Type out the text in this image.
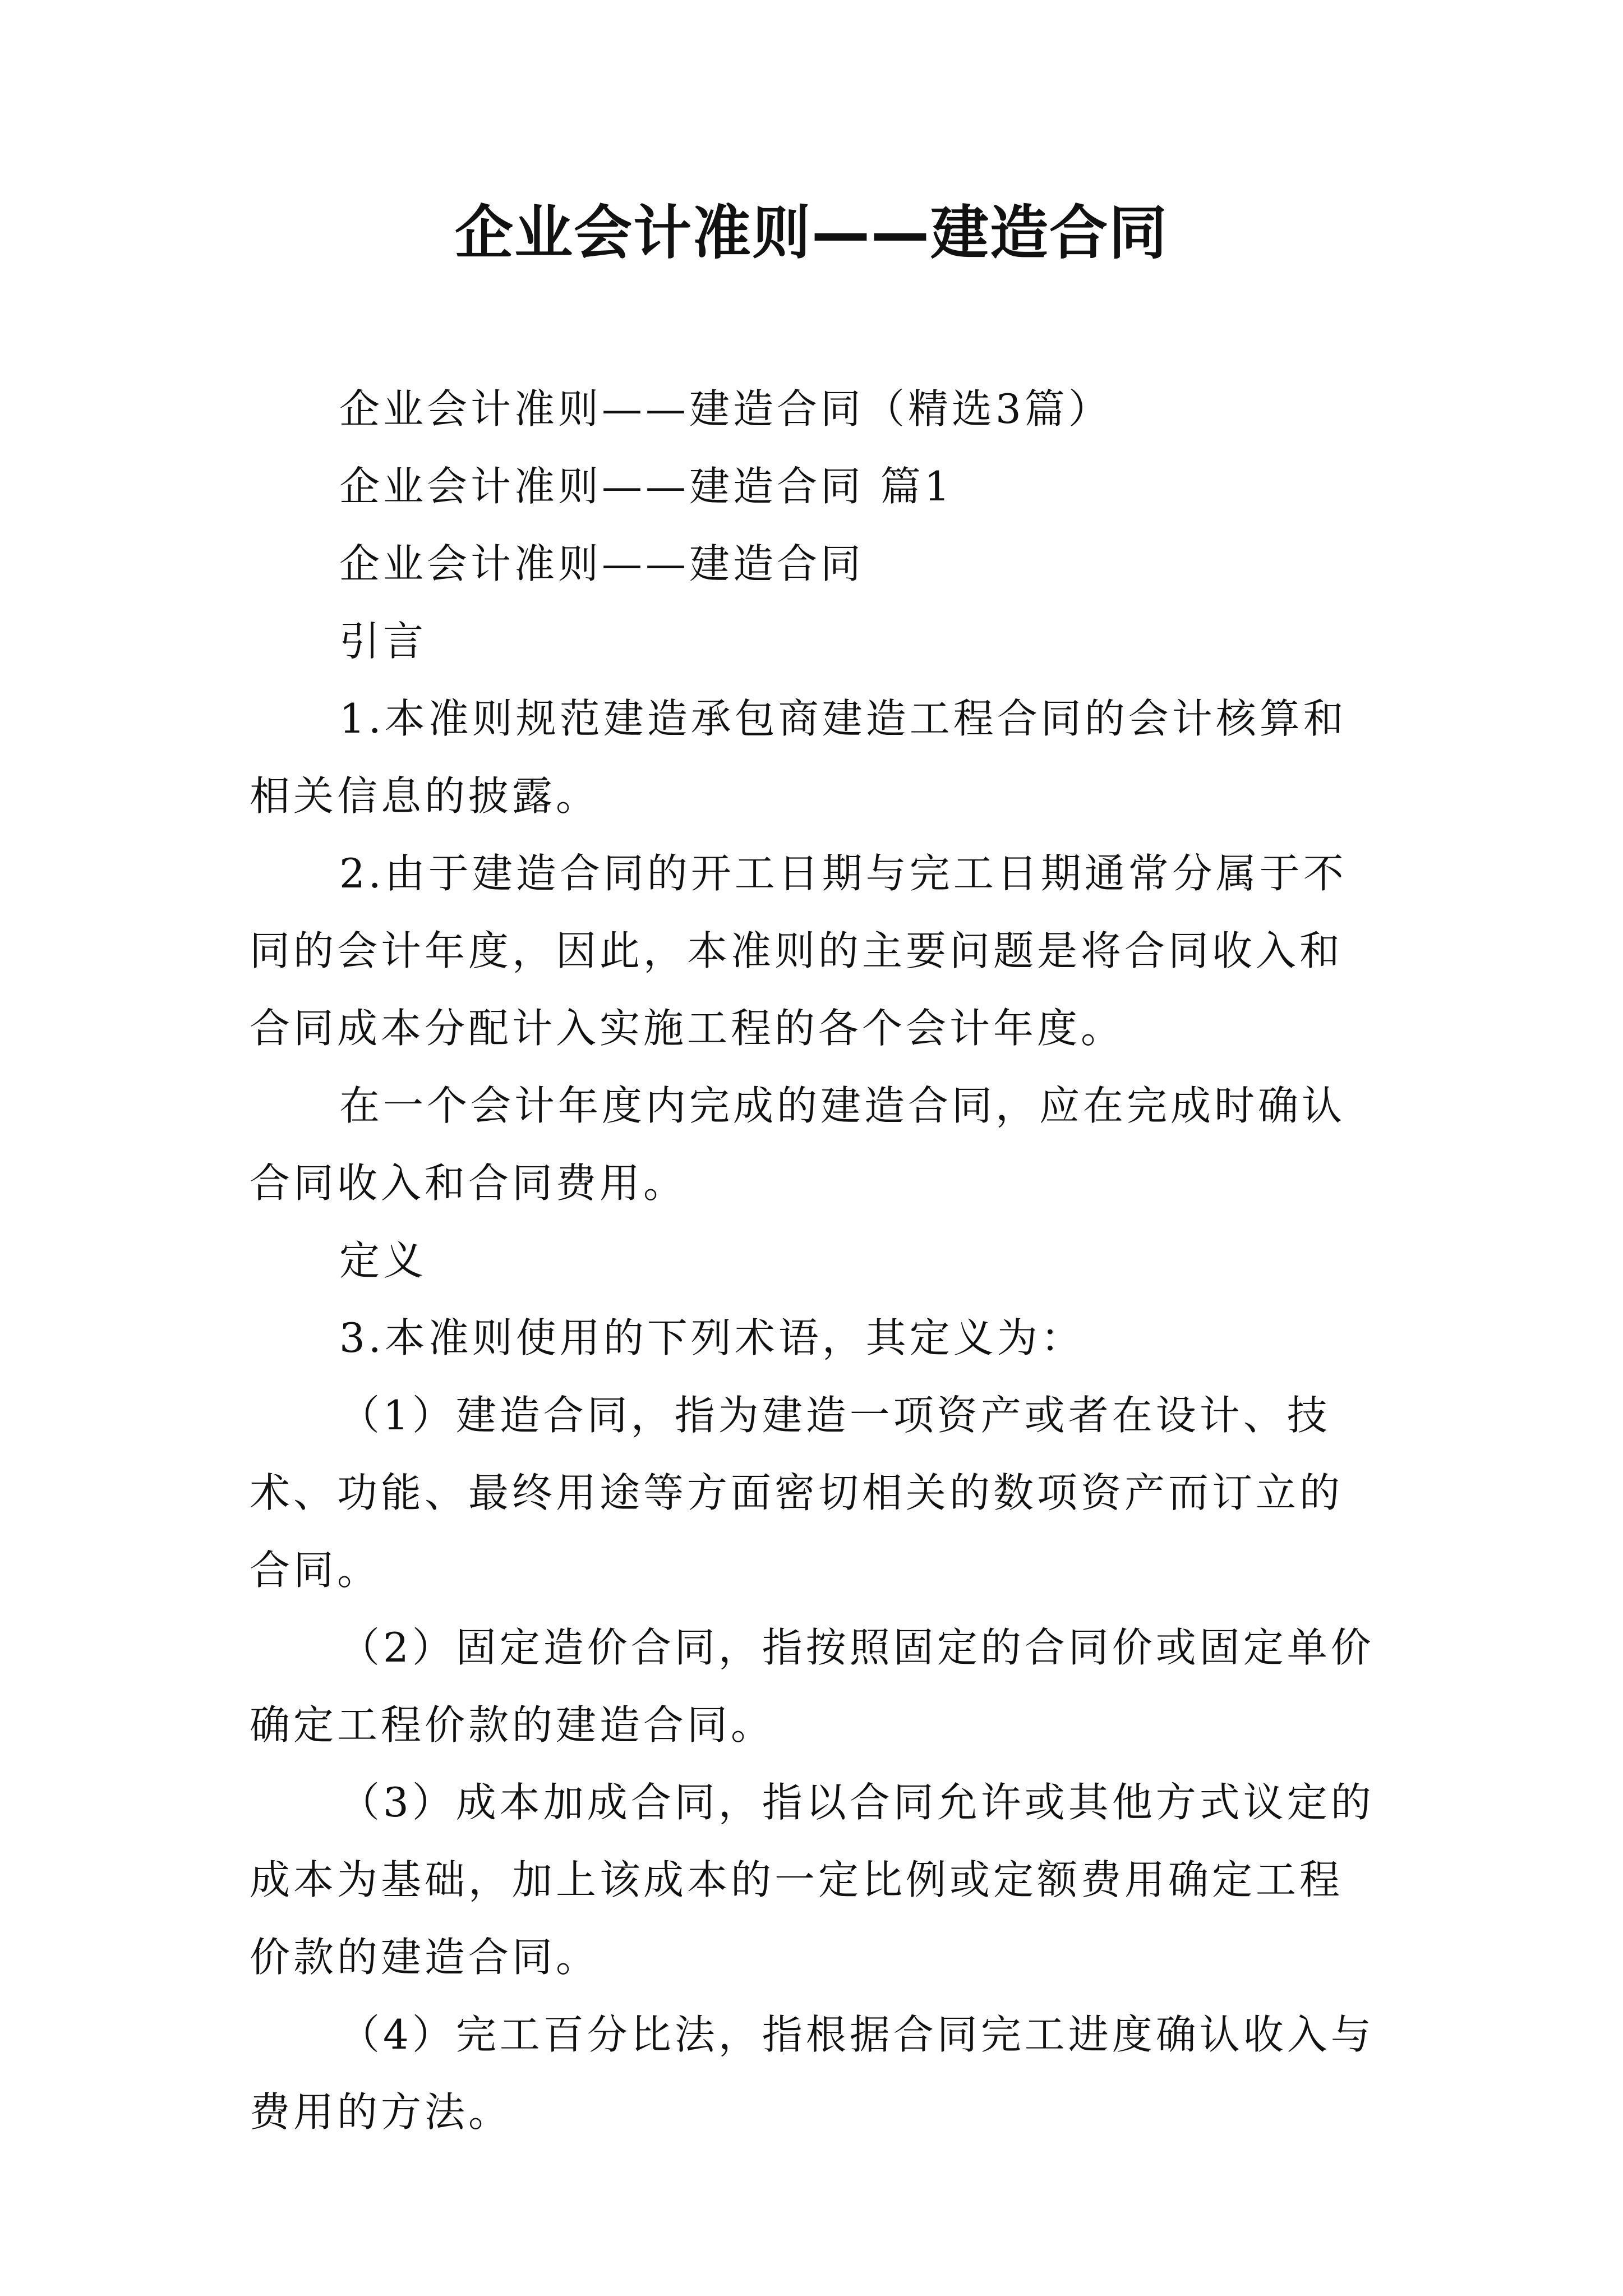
企业会计准则——建造合同

企业会计准则——建造合同（精选3篇）

企业会计准则——建造合同 篇1

企业会计准则——建造合同

引言

1.本准则规范建造承包商建造工程合同的会计核算和相关信息的披露。

2.由于建造合同的开工日期与完工日期通常分属于不同的会计年度，因此，本准则的主要问题是将合同收入和合同成本分配计入实施工程的各个会计年度。

在一个会计年度内完成的建造合同，应在完成时确认合同收入和合同费用。

定义

3.本准则使用的下列术语，其定义为：

（1）建造合同，指为建造一项资产或者在设计、技术、功能、最终用途等方面密切相关的数项资产而订立的合同。

（2）固定造价合同，指按照固定的合同价或固定单价确定工程价款的建造合同。

（3）成本加成合同，指以合同允许或其他方式议定的成本为基础，加上该成本的一定比例或定额费用确定工程价款的建造合同。

（4）完工百分比法，指根据合同完工进度确认收入与费用的方法。
